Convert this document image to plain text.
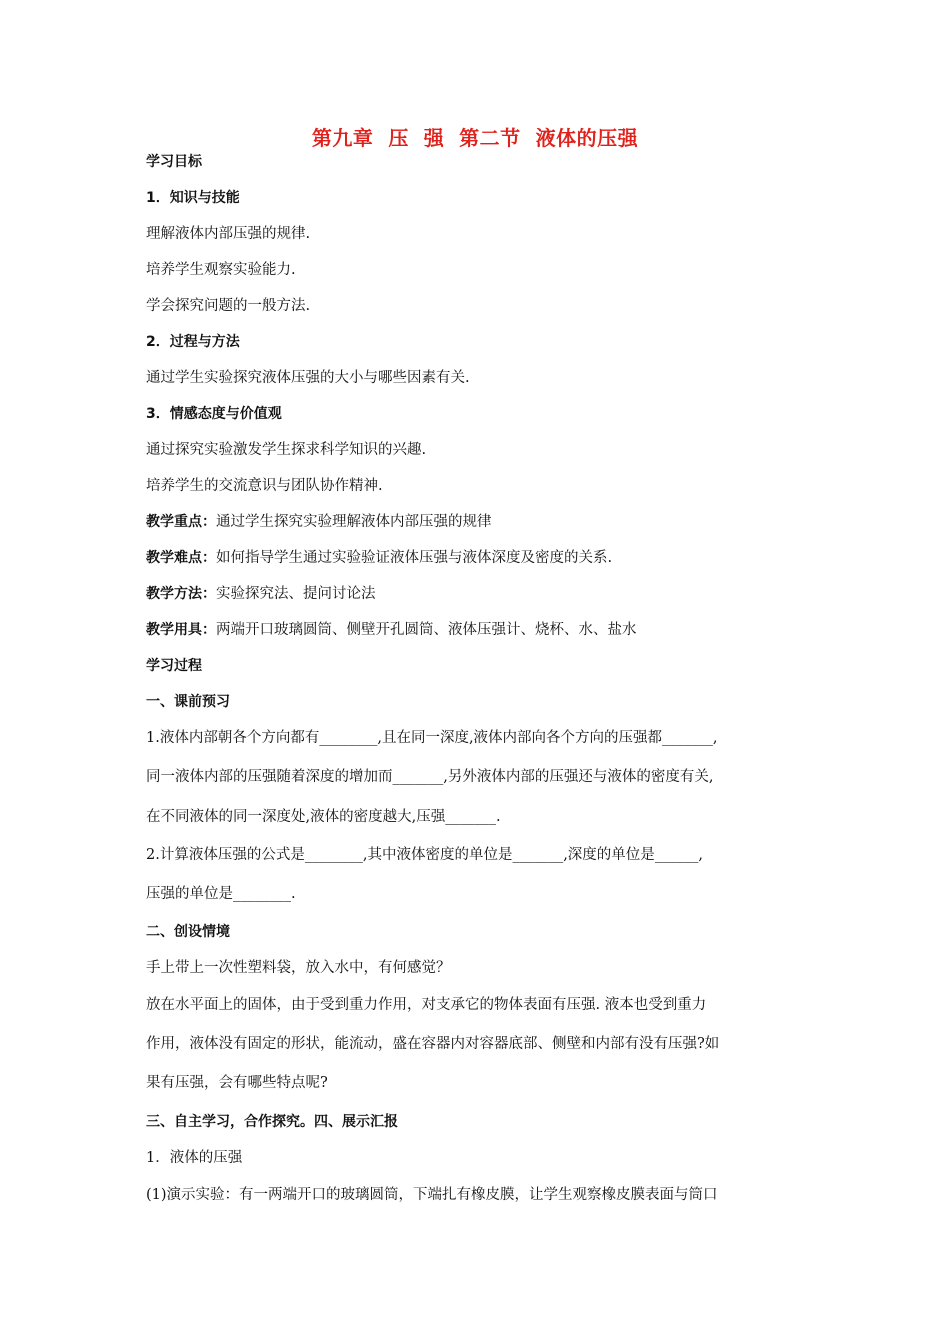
第九章  压  强  第二节  液体的压强
学习目标
1．知识与技能
理解液体内部压强的规律.
培养学生观察实验能力.
学会探究问题的一般方法.
2．过程与方法
通过学生实验探究液体压强的大小与哪些因素有关.
3．情感态度与价值观
通过探究实验激发学生探求科学知识的兴趣.
培养学生的交流意识与团队协作精神.
教学重点：通过学生探究实验理解液体内部压强的规律
教学难点：如何指导学生通过实验验证液体压强与液体深度及密度的关系.
教学方法：实验探究法、提问讨论法
教学用具：两端开口玻璃圆筒、侧壁开孔圆筒、液体压强计、烧杯、水、盐水
学习过程
一、课前预习
1.液体内部朝各个方向都有________,且在同一深度,液体内部向各个方向的压强都_______,
同一液体内部的压强随着深度的增加而_______,另外液体内部的压强还与液体的密度有关,
在不同液体的同一深度处,液体的密度越大,压强_______.
2.计算液体压强的公式是________,其中液体密度的单位是_______,深度的单位是______,
压强的单位是________.
二、创设情境
手上带上一次性塑料袋，放入水中，有何感觉？
放在水平面上的固体，由于受到重力作用，对支承它的物体表面有压强. 液本也受到重力
作用，液体没有固定的形状，能流动，盛在容器内对容器底部、侧壁和内部有没有压强?如
果有压强，会有哪些特点呢?
三、自主学习，合作探究。四、展示汇报
1．液体的压强
(1)演示实验：有一两端开口的玻璃圆筒，下端扎有橡皮膜，让学生观察橡皮膜表面与筒口
